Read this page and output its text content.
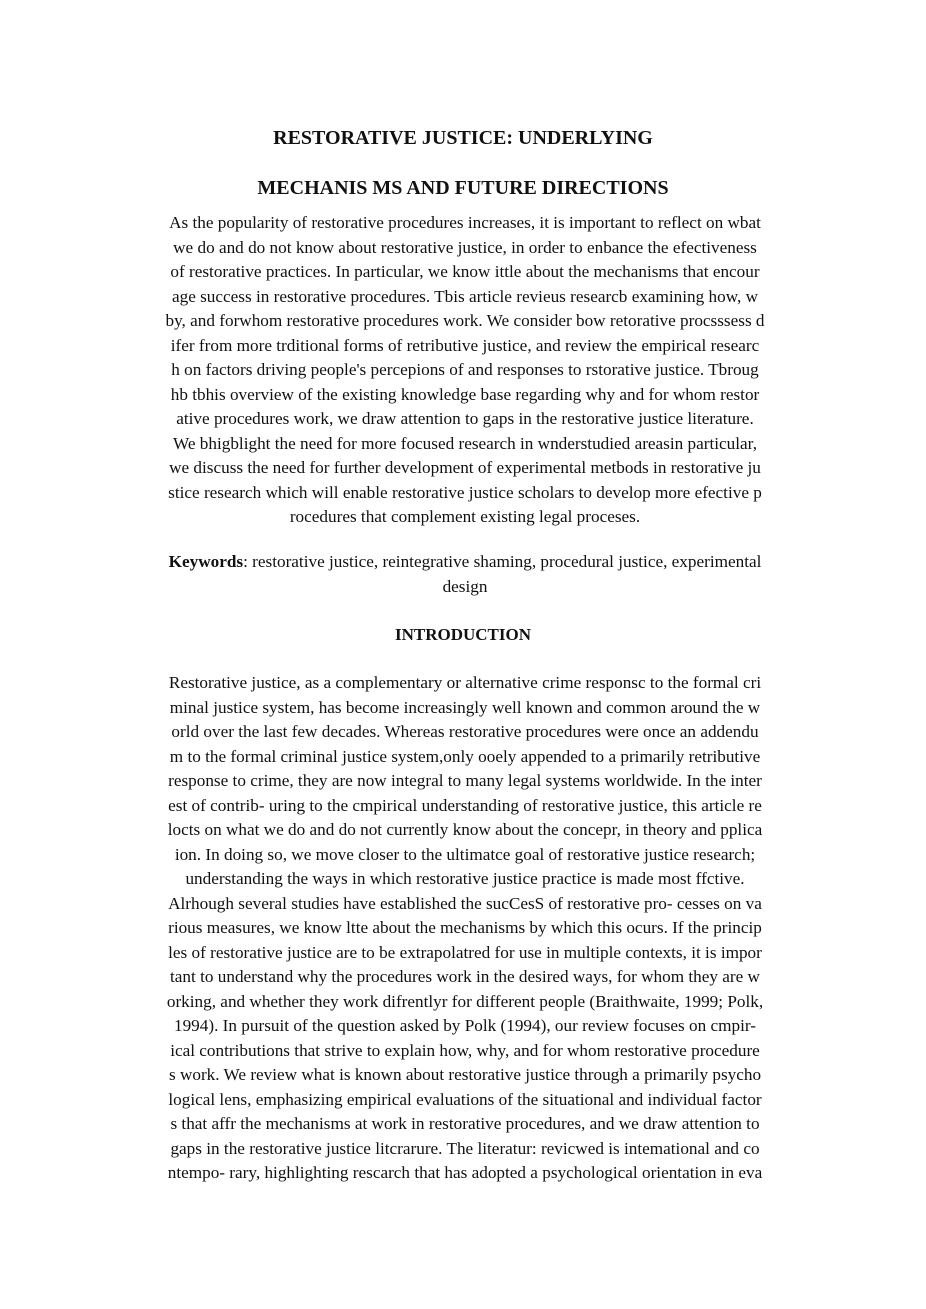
RESTORATIVE JUSTICE: UNDERLYING
MECHANIS MS AND FUTURE DIRECTIONS
As the popularity of restorative procedures increases, it is important to reflect on wbat
we do and do not know about restorative justice, in order to enbance the efectiveness
of restorative practices. In particular, we know ittle about the mechanisms that encour
age success in restorative procedures. Tbis article revieus researcb examining how, w
by, and forwhom restorative procedures work. We consider bow retorative procsssess d
ifer from more trditional forms of retributive justice, and review the empirical researc
h on factors driving people's percepions of and responses to rstorative justice. Tbroug
hb tbhis overview of the existing knowledge base regarding why and for whom restor
ative procedures work, we draw attention to gaps in the restorative justice literature.
We bhigblight the need for more focused research in wnderstudied areasin particular,
we discuss the need for further development of experimental metbods in restorative ju
stice research which will enable restorative justice scholars to develop more efective p
rocedures that complement existing legal proceses.
Keywords: restorative justice, reintegrative shaming, procedural justice, experimental
design
INTRODUCTION
Restorative justice, as a complementary or alternative crime responsc to the formal cri
minal justice system, has become increasingly well known and common around the w
orld over the last few decades. Whereas restorative procedures were once an addendu
m to the formal criminal justice system,only ooely appended to a primarily retributive
response to crime, they are now integral to many legal systems worldwide. In the inter
est of contrib- uring to the cmpirical understanding of restorative justice, this article re
locts on what we do and do not currently know about the concepr, in theory and pplica
ion. In doing so, we move closer to the ultimatce goal of restorative justice research;
understanding the ways in which restorative justice practice is made most ffctive.
Alrhough several studies have established the sucCesS of restorative pro- cesses on va
rious measures, we know ltte about the mechanisms by which this ocurs. If the princip
les of restorative justice are to be extrapolatred for use in multiple contexts, it is impor
tant to understand why the procedures work in the desired ways, for whom they are w
orking, and whether they work difrentlyr for different people (Braithwaite, 1999; Polk,
1994). In pursuit of the question asked by Polk (1994), our review focuses on cmpir-
ical contributions that strive to explain how, why, and for whom restorative procedure
s work. We review what is known about restorative justice through a primarily psycho
logical lens, emphasizing empirical evaluations of the situational and individual factor
s that affr the mechanisms at work in restorative procedures, and we draw attention to
gaps in the restorative justice litcrarure. The literatur: revicwed is intemational and co
ntempo- rary, highlighting rescarch that has adopted a psychological orientation in eva
